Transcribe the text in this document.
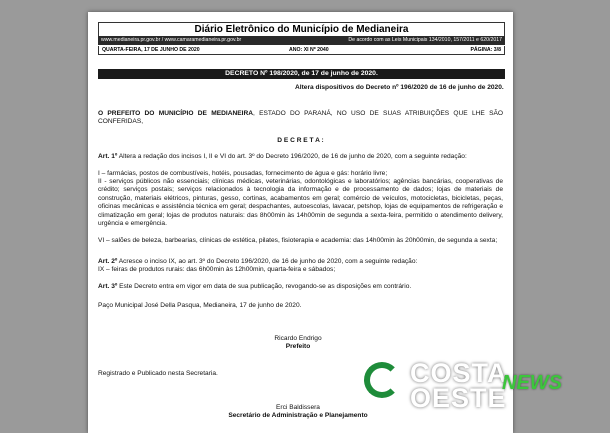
Diário Eletrônico do Município de Medianeira
www.medianeira.pr.gov.br / www.camaramedianeira.pr.gov.br	De acordo com as Leis Municipais 134/2010, 157/2011 e 620/2017
QUARTA-FEIRA, 17 DE JUNHO DE 2020	ANO: XI Nº 2040	PÁGINA: 3/8
DECRETO Nº 198/2020, de 17 de junho de 2020.
Altera dispositivos do Decreto nº 196/2020 de 16 de junho de 2020.
O PREFEITO DO MUNICÍPIO DE MEDIANEIRA, ESTADO DO PARANÁ, NO USO DE SUAS ATRIBUIÇÕES QUE LHE SÃO CONFERIDAS,
D E C R E T A :
Art. 1º Altera a redação dos incisos I, II e VI do art. 3º do Decreto 196/2020, de 16 de junho de 2020, com a seguinte redação:
I – farmácias, postos de combustíveis, hotéis, pousadas, fornecimento de água e gás: horário livre;
II - serviços públicos não essenciais; clínicas médicas, veterinárias, odontológicas e laboratórios; agências bancárias, cooperativas de crédito; serviços postais; serviços relacionados à tecnologia da informação e de processamento de dados; lojas de materiais de construção, materiais elétricos, pinturas, gesso, cortinas, acabamentos em geral; comércio de veículos, motocicletas, bicicletas, peças, oficinas mecânicas e assistência técnica em geral; despachantes, autoescolas, lavacar, petshop, lojas de equipamentos de refrigeração e climatização em geral; lojas de produtos naturais: das 8h00min às 14h00min de segunda a sexta-feira, permitido o atendimento delivery, urgência e emergência.
VI – salões de beleza, barbearias, clínicas de estética, pilates, fisioterapia e academia: das 14h00min às 20h00min, de segunda a sexta;
Art. 2º Acresce o inciso IX, ao art. 3º do Decreto 196/2020, de 16 de junho de 2020, com a seguinte redação:
IX – feiras de produtos rurais: das 6h00min às 12h00min, quarta-feira e sábados;
Art. 3º Este Decreto entra em vigor em data de sua publicação, revogando-se as disposições em contrário.
Paço Municipal José Della Pasqua, Medianeira, 17 de junho de 2020.
Ricardo Endrigo
Prefeito
Registrado e Publicado nesta Secretaria.
Erci Baldissera
Secretário de Administração e Planejamento
COSTA
OESTE
NEWS
